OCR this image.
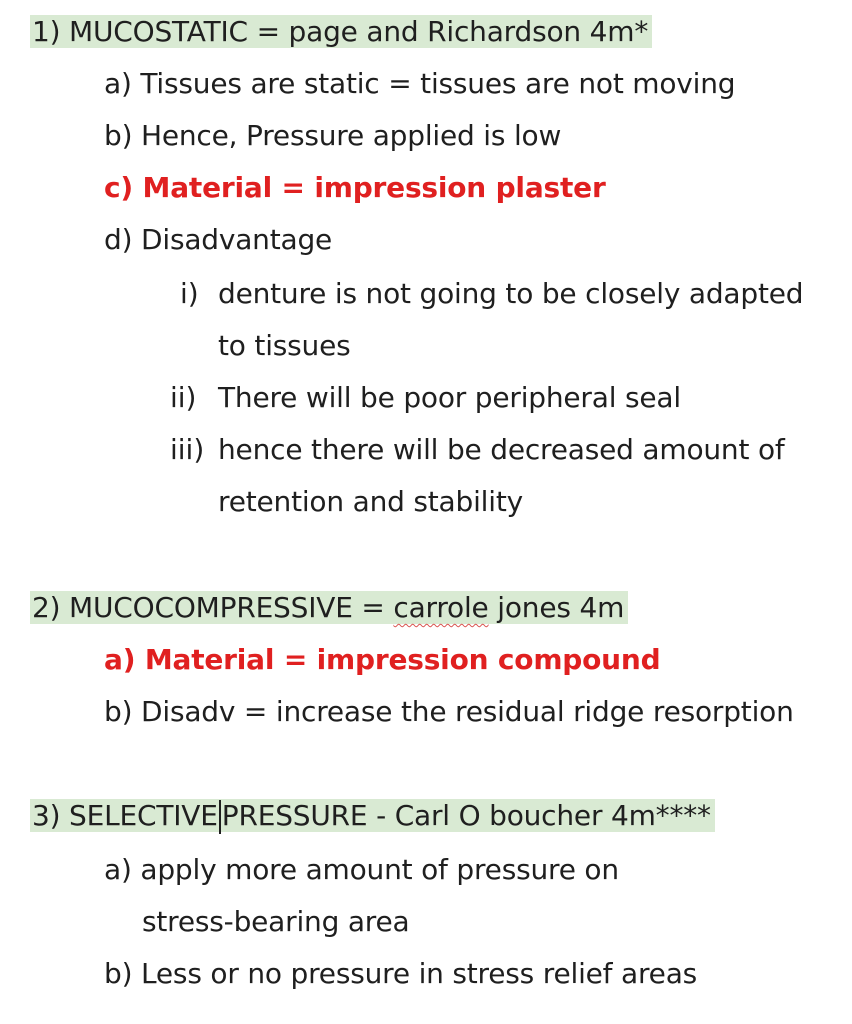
1) MUCOSTATIC = page and Richardson 4m*
a) Tissues are static = tissues are not moving
b) Hence, Pressure applied is low
c) Material = impression plaster
d) Disadvantage
i) denture is not going to be closely adapted
to tissues
ii) There will be poor peripheral seal
iii) hence there will be decreased amount of
retention and stability
2) MUCOCOMPRESSIVE = carrole jones 4m
a) Material = impression compound
b) Disadv = increase the residual ridge resorption
3) SELECTIVE PRESSURE - Carl O boucher 4m****
a) apply more amount of pressure on
stress-bearing area
b) Less or no pressure in stress relief areas
